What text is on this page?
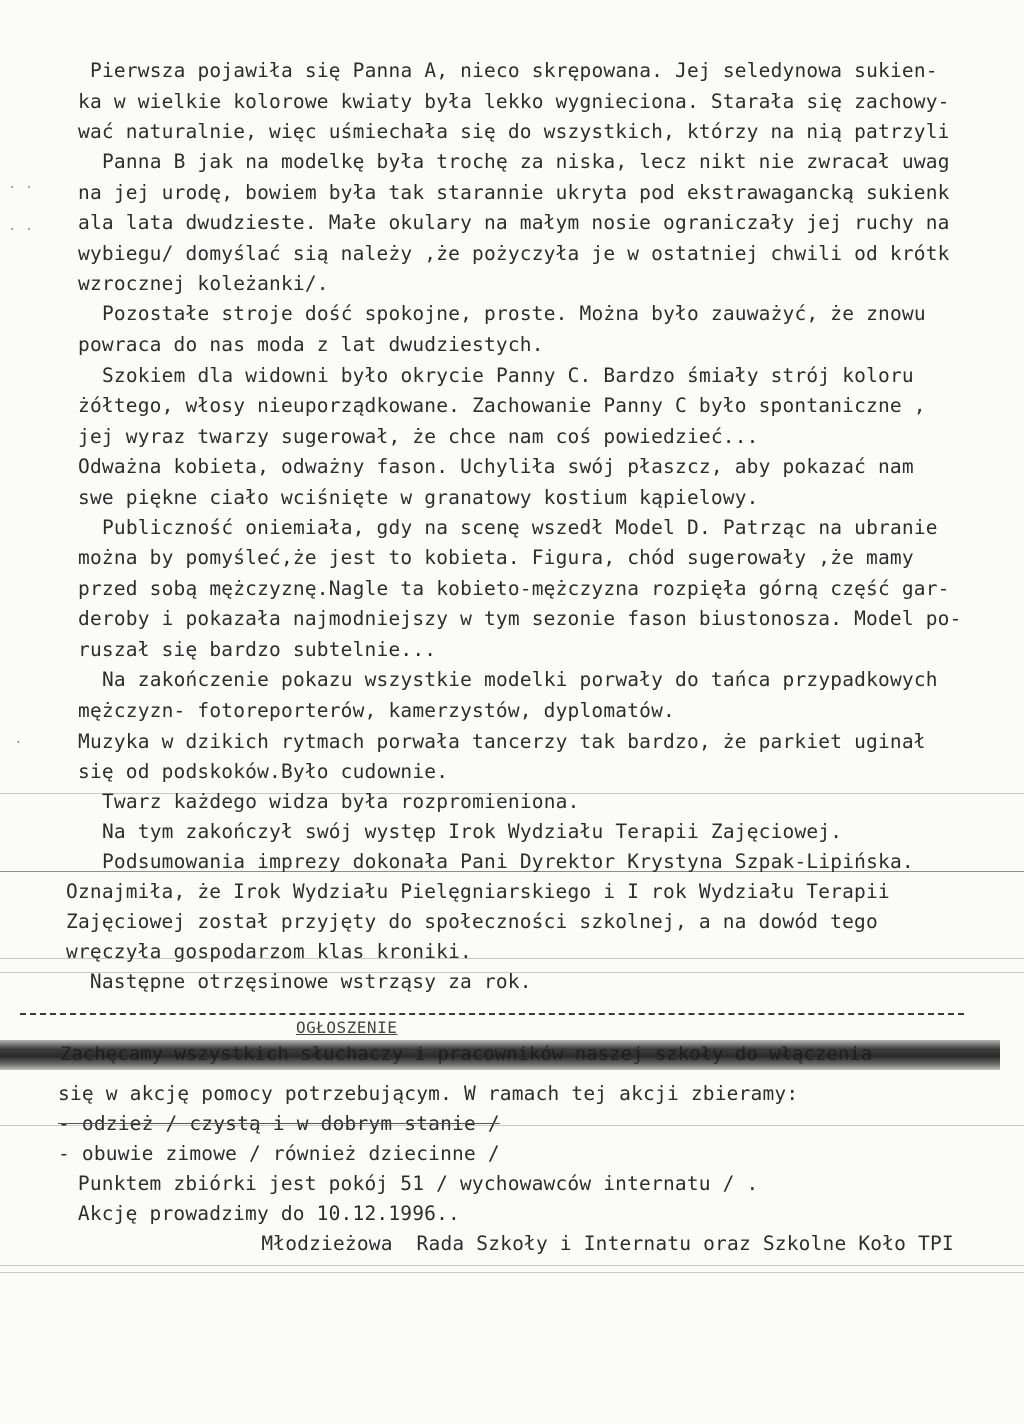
· ·
· ·
·
Pierwsza pojawiła się Panna A, nieco skrępowana. Jej seledynowa sukien-
ka w wielkie kolorowe kwiaty była lekko wygnieciona. Starała się zachowy-
wać naturalnie, więc uśmiechała się do wszystkich, którzy na nią patrzyli
Panna B jak na modelkę była trochę za niska, lecz nikt nie zwracał uwag
na jej urodę, bowiem była tak starannie ukryta pod ekstrawagancką sukienk
ala lata dwudzieste. Małe okulary na małym nosie ograniczały jej ruchy na
wybiegu/ domyślać sią należy ,że pożyczyła je w ostatniej chwili od krótk
wzrocznej koleżanki/.
Pozostałe stroje dość spokojne, proste. Można było zauważyć, że znowu
powraca do nas moda z lat dwudziestych.
Szokiem dla widowni było okrycie Panny C. Bardzo śmiały strój koloru
żółtego, włosy nieuporządkowane. Zachowanie Panny C było spontaniczne ,
jej wyraz twarzy sugerował, że chce nam coś powiedzieć...
Odważna kobieta, odważny fason. Uchyliła swój płaszcz, aby pokazać nam
swe piękne ciało wciśnięte w granatowy kostium kąpielowy.
Publiczność oniemiała, gdy na scenę wszedł Model D. Patrząc na ubranie
można by pomyśleć,że jest to kobieta. Figura, chód sugerowały ,że mamy
przed sobą mężczyznę.Nagle ta kobieto-mężczyzna rozpięła górną część gar-
deroby i pokazała najmodniejszy w tym sezonie fason biustonosza. Model po-
ruszał się bardzo subtelnie...
Na zakończenie pokazu wszystkie modelki porwały do tańca przypadkowych
mężczyzn- fotoreporterów, kamerzystów, dyplomatów.
Muzyka w dzikich rytmach porwała tancerzy tak bardzo, że parkiet uginał
się od podskoków.Było cudownie.
Twarz każdego widza była rozpromieniona.
Na tym zakończył swój występ Irok Wydziału Terapii Zajęciowej.
Podsumowania imprezy dokonała Pani Dyrektor Krystyna Szpak-Lipińska.
Oznajmiła, że Irok Wydziału Pielęgniarskiego i I rok Wydziału Terapii
Zajęciowej został przyjęty do społeczności szkolnej, a na dowód tego
wręczyła gospodarzom klas kroniki.
Następne otrzęsinowe wstrząsy za rok.
OGŁOSZENIE
Zachęcamy wszystkich słuchaczy i pracowników naszej szkoły do włączenia
się w akcję pomocy potrzebującym. W ramach tej akcji zbieramy:
- odzież / czystą i w dobrym stanie /
- obuwie zimowe / również dziecinne /
Punktem zbiórki jest pokój 51 / wychowawców internatu / .
Akcję prowadzimy do 10.12.1996..
Młodzieżowa  Rada Szkoły i Internatu oraz Szkolne Koło TPI
